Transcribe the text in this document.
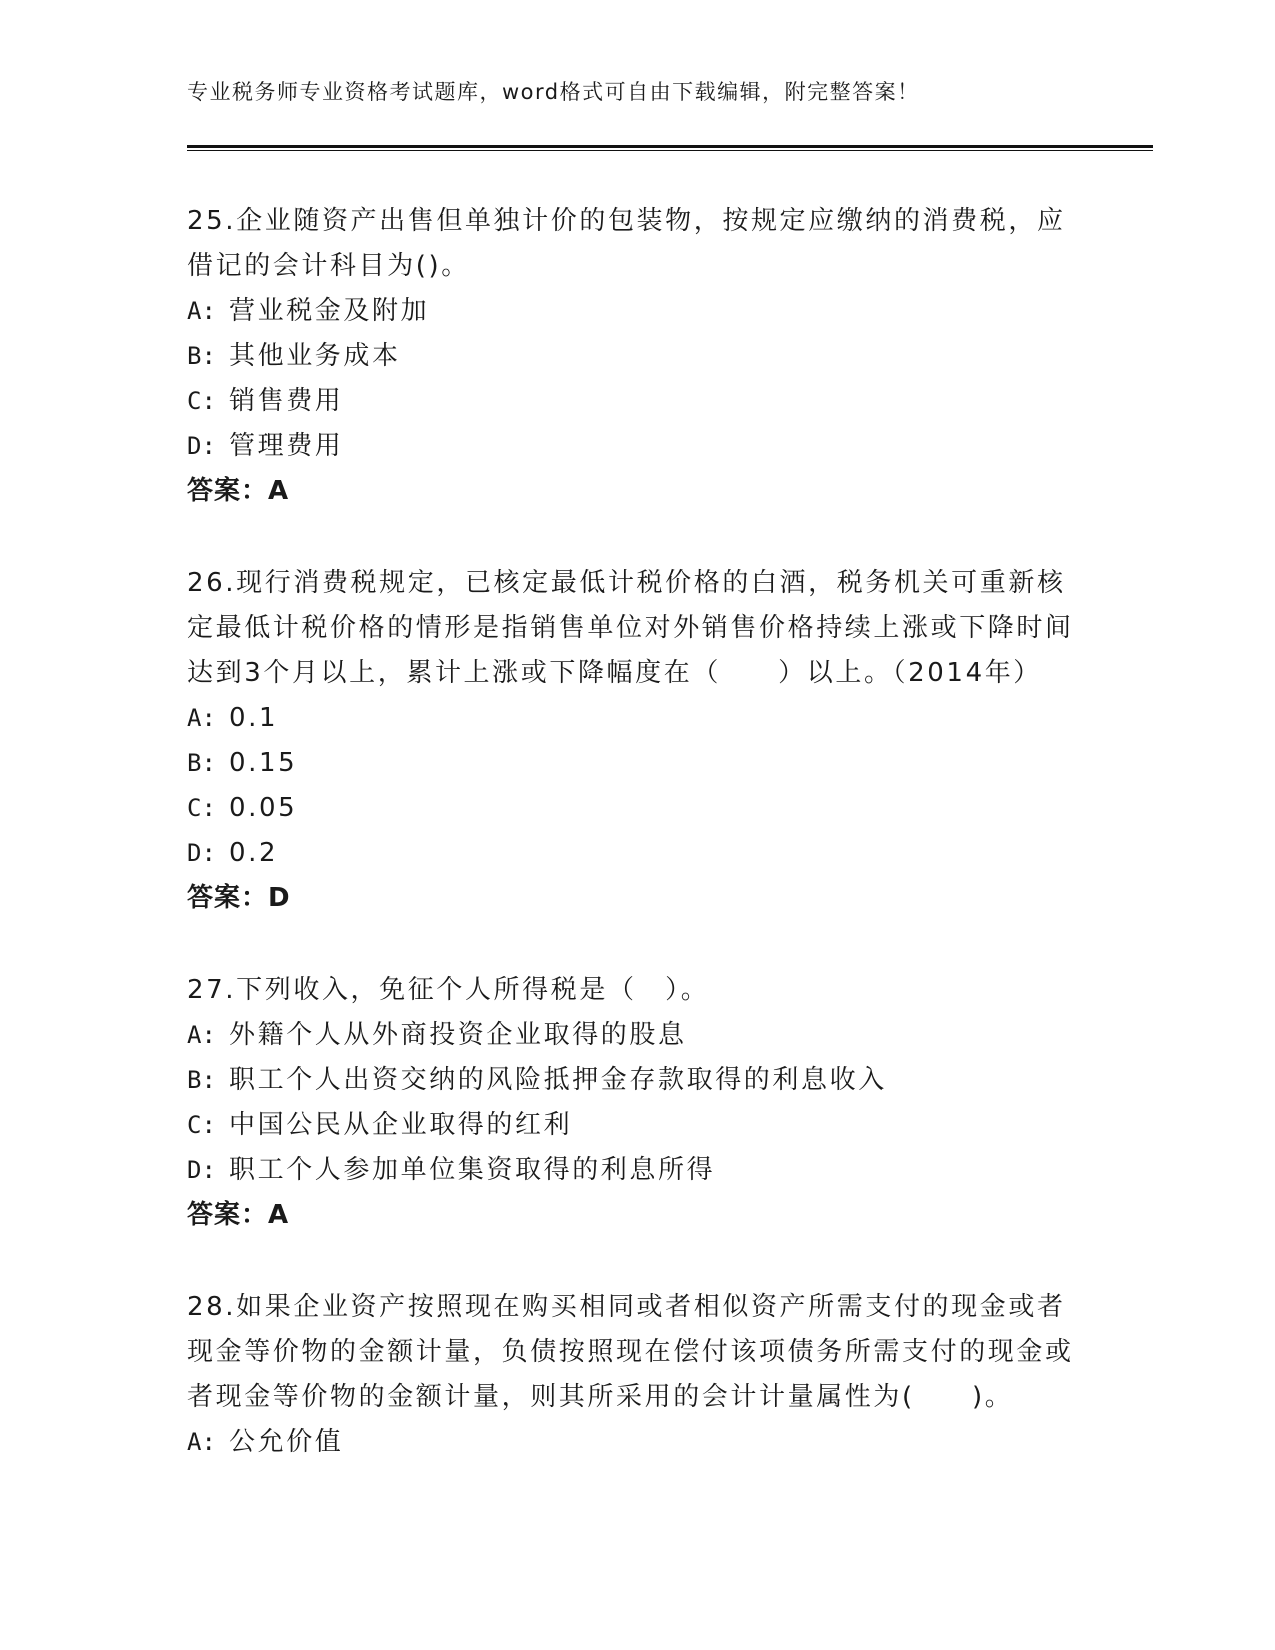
专业税务师专业资格考试题库，word格式可自由下载编辑，附完整答案！

25.企业随资产出售但单独计价的包装物，按规定应缴纳的消费税，应借记的会计科目为()。

A: 营业税金及附加
B: 其他业务成本
C: 销售费用
D: 管理费用

答案：A

26.现行消费税规定，已核定最低计税价格的白酒，税务机关可重新核定最低计税价格的情形是指销售单位对外销售价格持续上涨或下降时间达到3个月以上，累计上涨或下降幅度在（　　）以上。（2014年）

A: 0.1
B: 0.15
C: 0.05
D: 0.2

答案：D

27.下列收入，免征个人所得税是（　）。

A: 外籍个人从外商投资企业取得的股息
B: 职工个人出资交纳的风险抵押金存款取得的利息收入
C: 中国公民从企业取得的红利
D: 职工个人参加单位集资取得的利息所得

答案：A

28.如果企业资产按照现在购买相同或者相似资产所需支付的现金或者现金等价物的金额计量，负债按照现在偿付该项债务所需支付的现金或者现金等价物的金额计量，则其所采用的会计计量属性为(　　)。

A: 公允价值
